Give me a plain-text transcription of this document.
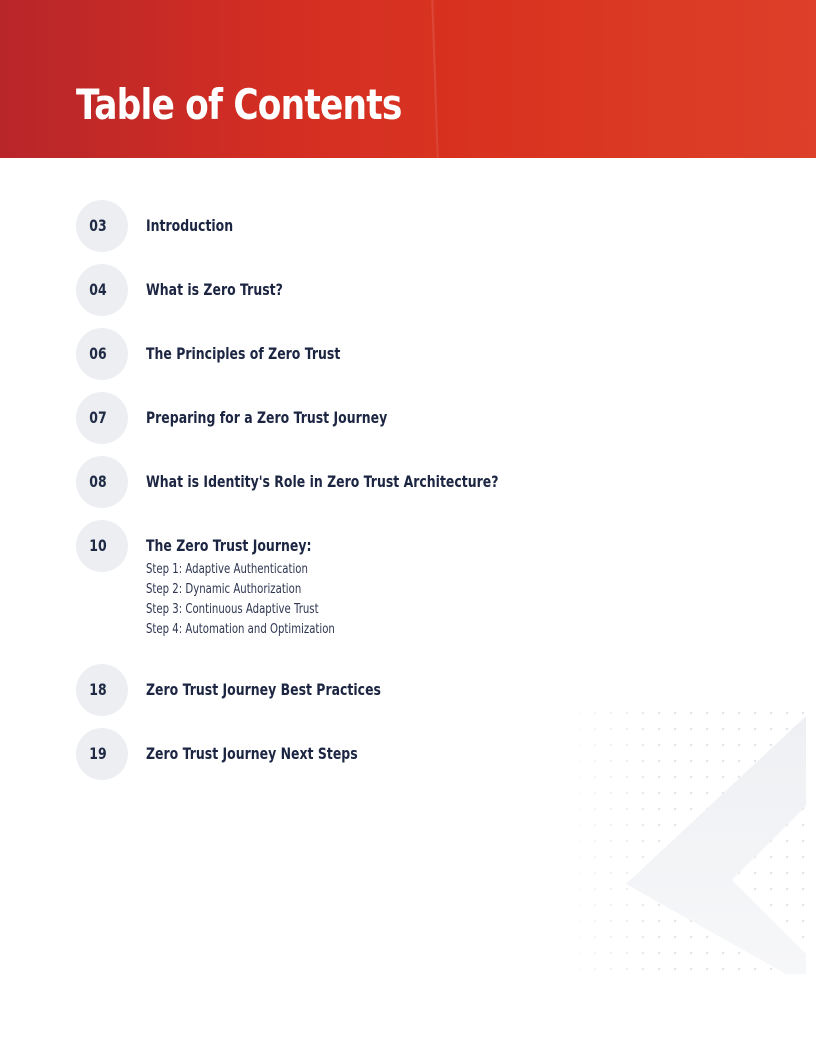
Table of Contents
03	Introduction
04	What is Zero Trust?
06	The Principles of Zero Trust
07	Preparing for a Zero Trust Journey
08	What is Identity's Role in Zero Trust Architecture?
10	The Zero Trust Journey:
Step 1: Adaptive Authentication
Step 2: Dynamic Authorization
Step 3: Continuous Adaptive Trust
Step 4: Automation and Optimization
18	Zero Trust Journey Best Practices
19	Zero Trust Journey Next Steps
